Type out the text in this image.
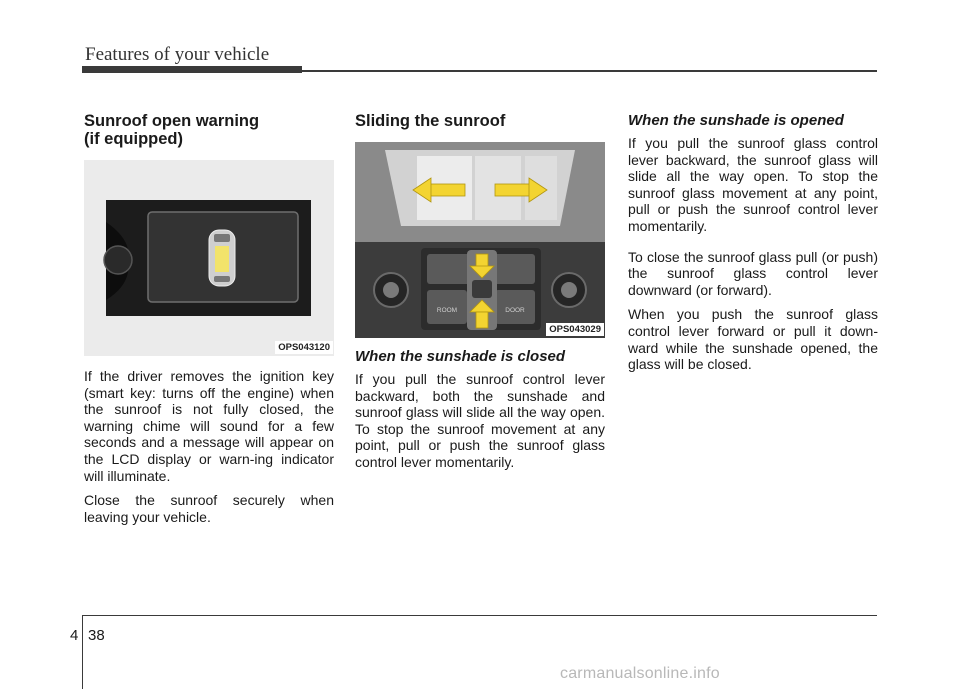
Features of your vehicle
Sunroof open warning
(if equipped)
OPS043120

If the driver removes the ignition key (smart key: turns off the engine) when the sunroof is not fully closed, the warning chime will sound for a few seconds and a message will appear on the LCD display or warn-ing indicator will illuminate.

Close the sunroof securely when leaving your vehicle.

Sliding the sunroof
ROOM	DOOR
OPS043029
When the sunshade is closed

If you pull the sunroof control lever backward, both the sunshade and sunroof glass will slide all the way open. To stop the sunroof movement at any point, pull or push the sunroof glass control lever momentarily.

When the sunshade is opened

If you pull the sunroof glass control lever backward, the sunroof glass will slide all the way open. To stop the sunroof glass movement at any point, pull or push the sunroof control lever momentarily.

To close the sunroof glass pull (or push) the sunroof glass control lever downward (or forward).

When you push the sunroof glass control lever forward or pull it down-ward while the sunshade opened, the glass will be closed.

4 38
carmanualsonline.info
